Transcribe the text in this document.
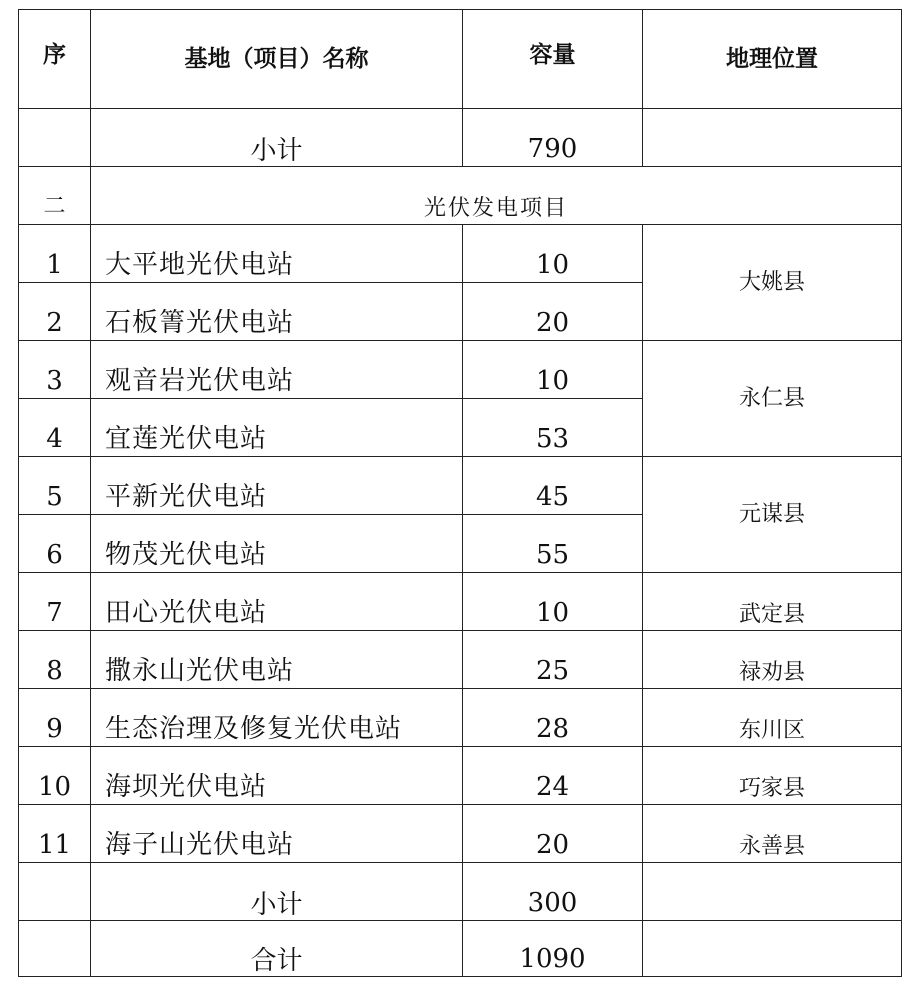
序	基地（项目）名称	容量	地理位置
	小计	790	
二	光伏发电项目		
1	大平地光伏电站	10	大姚县
2	石板箐光伏电站	20	
3	观音岩光伏电站	10	永仁县
4	宜莲光伏电站	53	
5	平新光伏电站	45	元谋县
6	物茂光伏电站	55	
7	田心光伏电站	10	武定县
8	撒永山光伏电站	25	禄劝县
9	生态治理及修复光伏电站	28	东川区
10	海坝光伏电站	24	巧家县
11	海子山光伏电站	20	永善县
	小计	300	
	合计	1090	
